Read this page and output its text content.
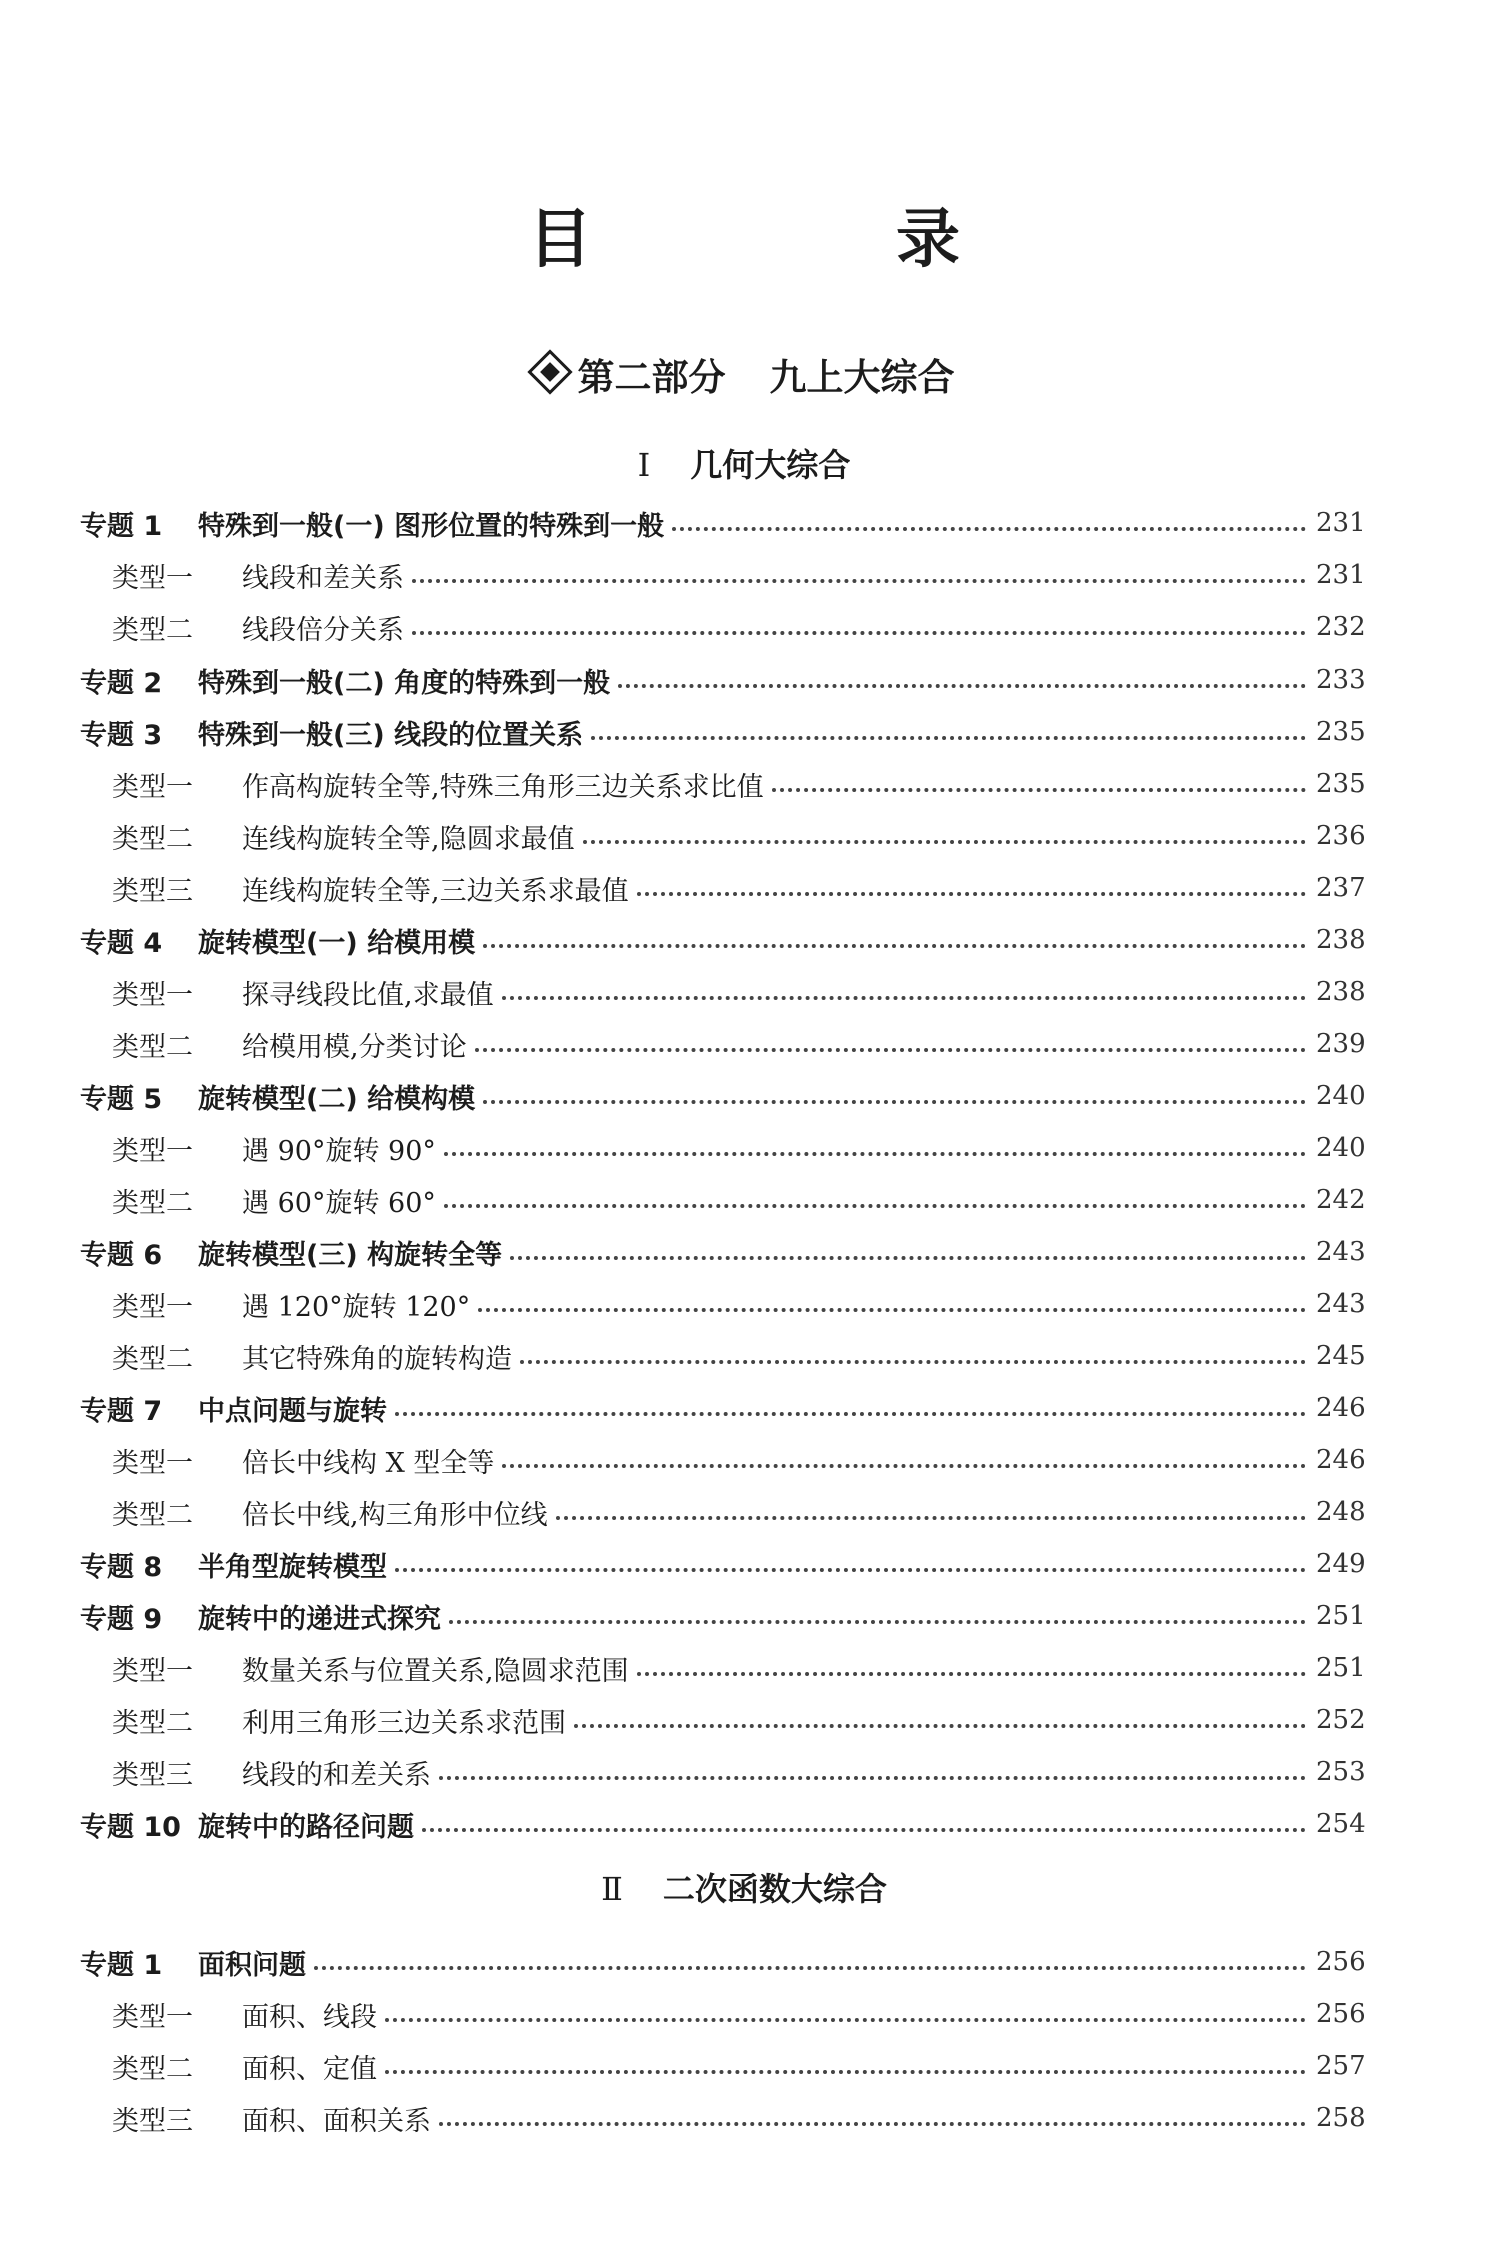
目　录
第二部分 九上大综合
Ⅰ 几何大综合
专题 1 特殊到一般(一) 图形位置的特殊到一般	231
类型一 线段和差关系	231
类型二 线段倍分关系	232
专题 2 特殊到一般(二) 角度的特殊到一般	233
专题 3 特殊到一般(三) 线段的位置关系	235
类型一 作高构旋转全等,特殊三角形三边关系求比值	235
类型二 连线构旋转全等,隐圆求最值	236
类型三 连线构旋转全等,三边关系求最值	237
专题 4 旋转模型(一) 给模用模	238
类型一 探寻线段比值,求最值	238
类型二 给模用模,分类讨论	239
专题 5 旋转模型(二) 给模构模	240
类型一 遇 90°旋转 90°	240
类型二 遇 60°旋转 60°	242
专题 6 旋转模型(三) 构旋转全等	243
类型一 遇 120°旋转 120°	243
类型二 其它特殊角的旋转构造	245
专题 7 中点问题与旋转	246
类型一 倍长中线构 X 型全等	246
类型二 倍长中线,构三角形中位线	248
专题 8 半角型旋转模型	249
专题 9 旋转中的递进式探究	251
类型一 数量关系与位置关系,隐圆求范围	251
类型二 利用三角形三边关系求范围	252
类型三 线段的和差关系	253
专题 10 旋转中的路径问题	254
专题 1 面积问题	256
类型一 面积、线段	256
类型二 面积、定值	257
类型三 面积、面积关系	258
Ⅱ 二次函数大综合
